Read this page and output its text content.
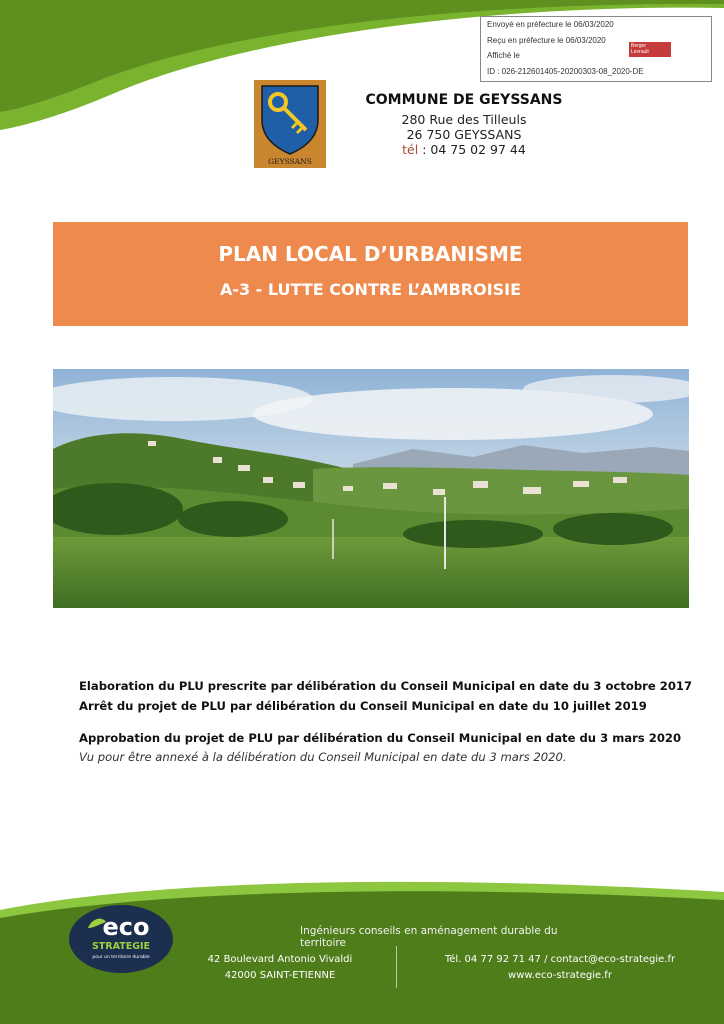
Envoyé en préfecture le 06/03/2020
Reçu en préfecture le 06/03/2020
Affiché le
ID : 026-212601405-20200303-08_2020-DE
Berger
Levrault
GEYSSANS
COMMUNE DE GEYSSANS
280 Rue des Tilleuls
26 750 GEYSSANS
tél : 04 75 02 97 44
PLAN LOCAL D’URBANISME
A-3 - LUTTE CONTRE L’AMBROISIE
Elaboration du PLU prescrite par délibération du Conseil Municipal en date du 3 octobre 2017
Arrêt du projet de PLU par délibération du Conseil Municipal en date du 10 juillet 2019
Approbation du projet de PLU par délibération du Conseil Municipal en date du 3 mars 2020
Vu pour être annexé à la délibération du Conseil Municipal en date du 3 mars 2020.
eco
STRATEGIE
pour un territoire durable
Ingénieurs conseils en aménagement durable du territoire
42 Boulevard Antonio Vivaldi
42000 SAINT-ETIENNE
Tél. 04 77 92 71 47 / contact@eco-strategie.fr
www.eco-strategie.fr
